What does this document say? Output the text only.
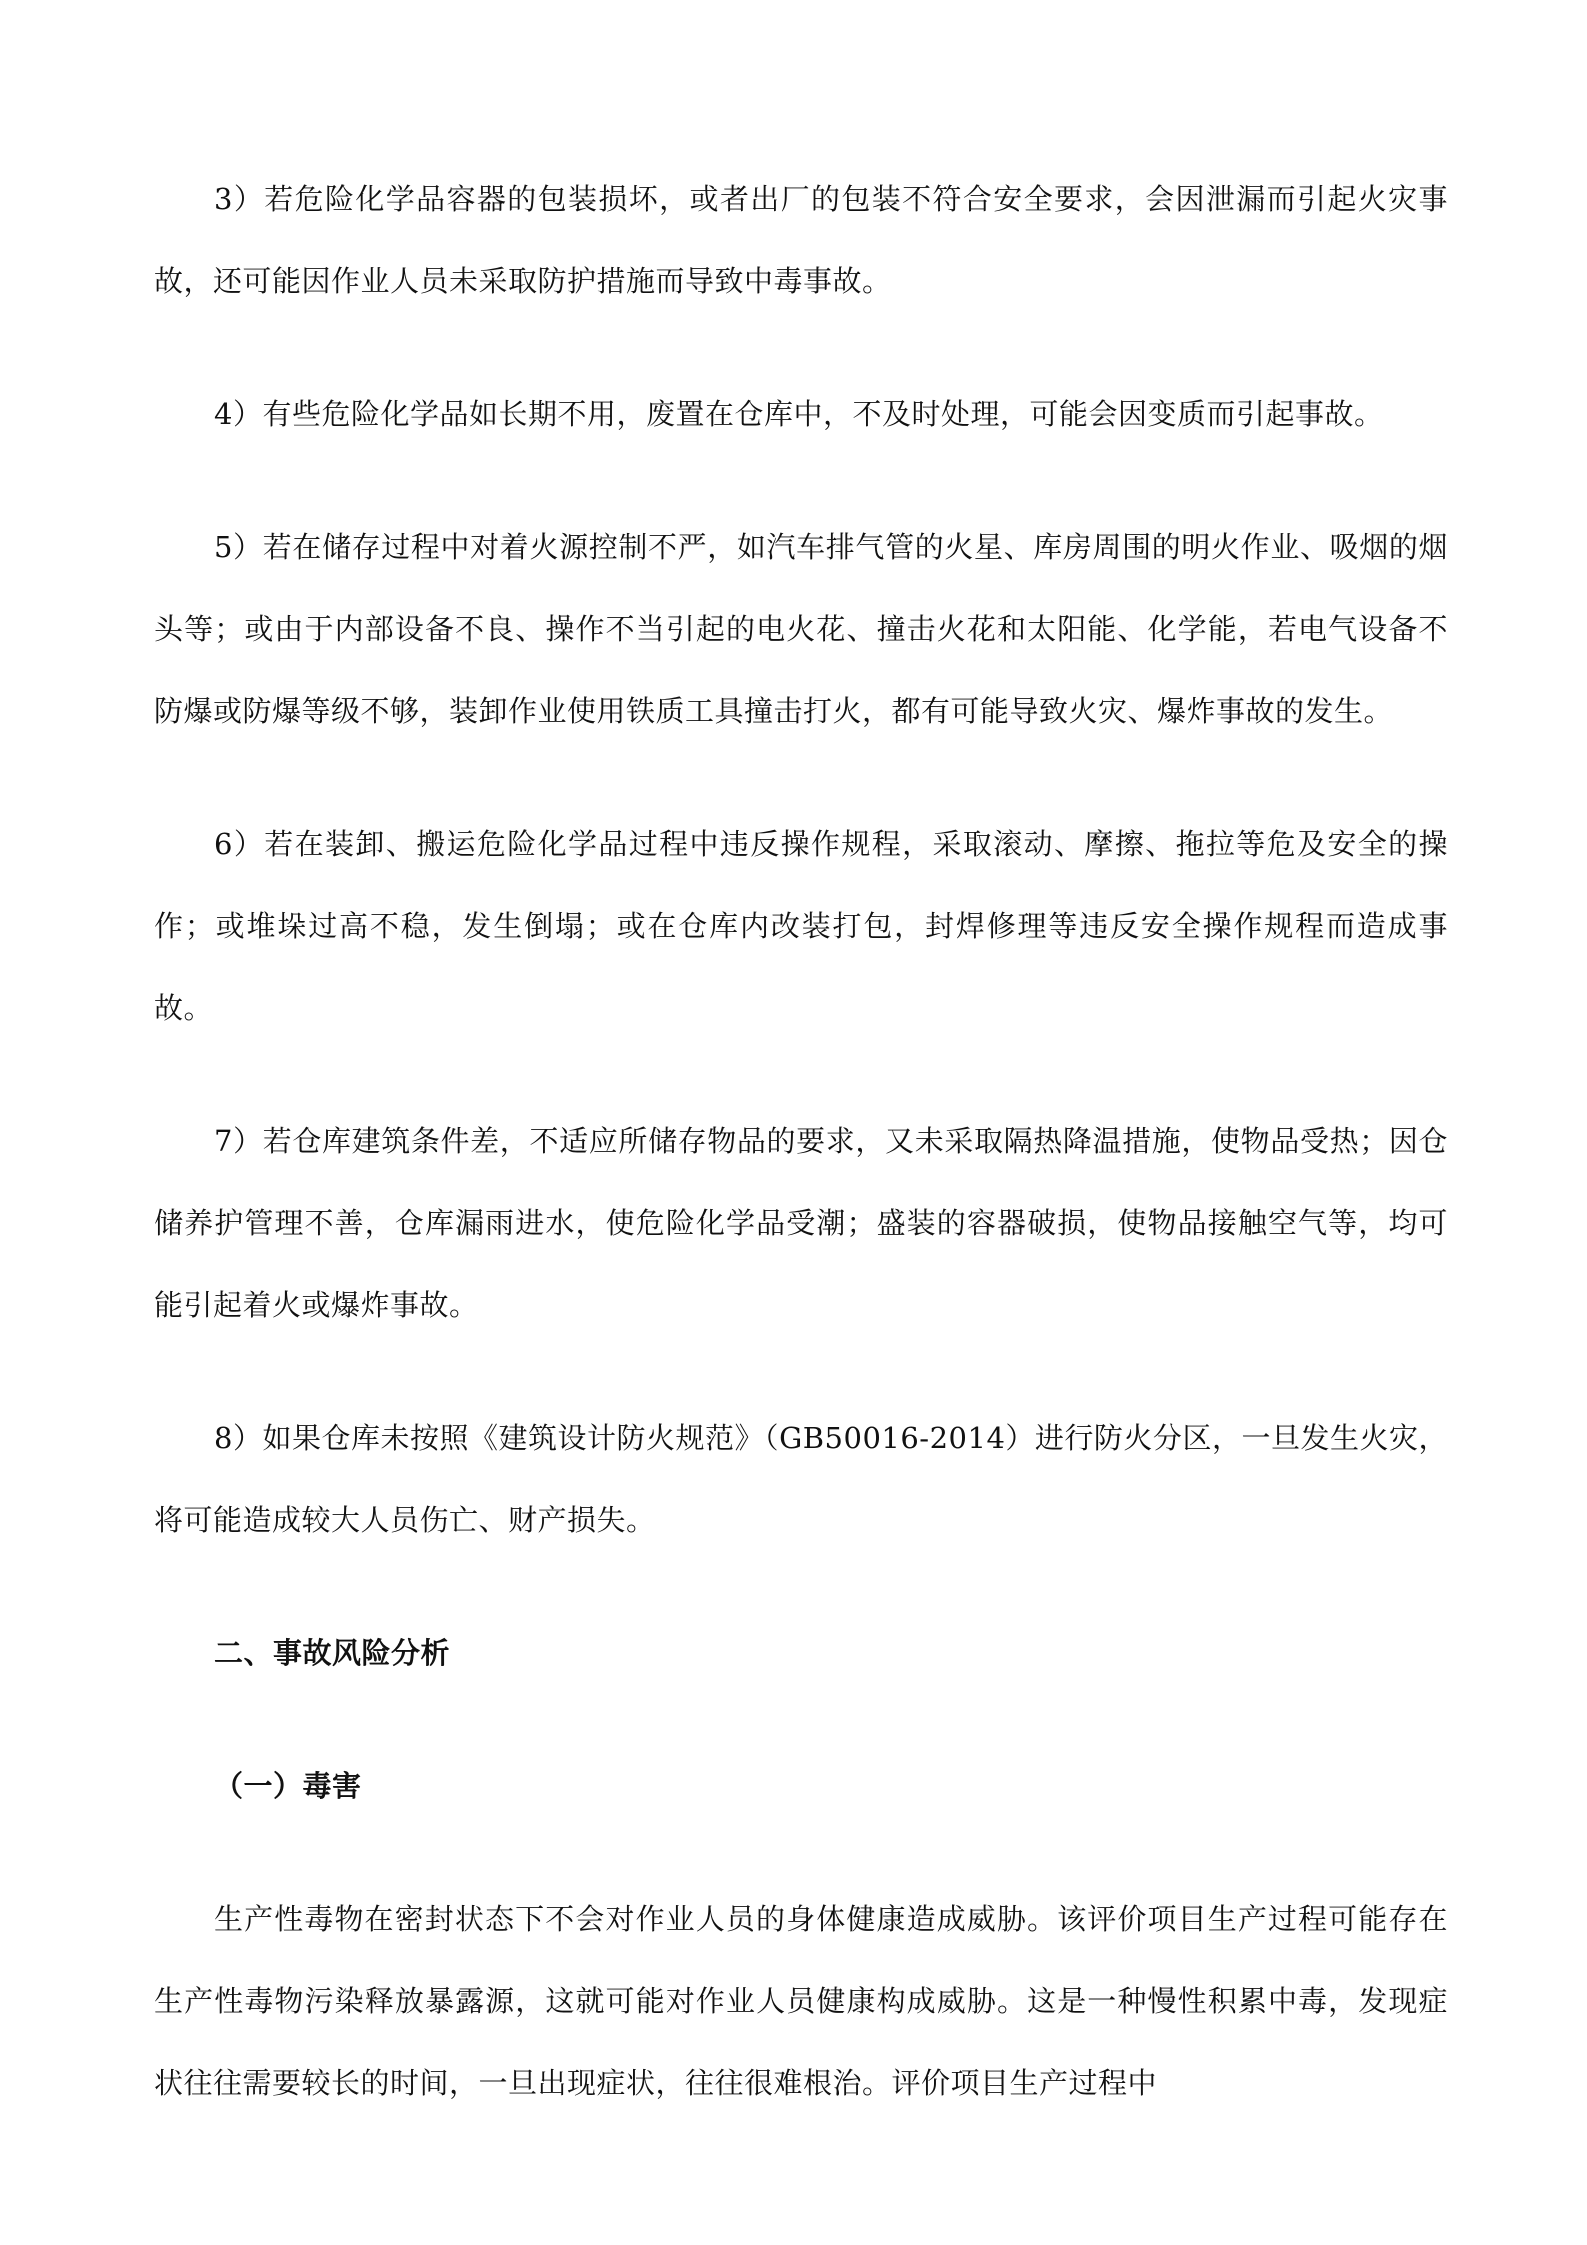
3）若危险化学品容器的包装损坏，或者出厂的包装不符合安全要求，会因泄漏而引起火灾事故，还可能因作业人员未采取防护措施而导致中毒事故。

4）有些危险化学品如长期不用，废置在仓库中，不及时处理，可能会因变质而引起事故。

5）若在储存过程中对着火源控制不严，如汽车排气管的火星、库房周围的明火作业、吸烟的烟头等；或由于内部设备不良、操作不当引起的电火花、撞击火花和太阳能、化学能，若电气设备不防爆或防爆等级不够，装卸作业使用铁质工具撞击打火，都有可能导致火灾、爆炸事故的发生。

6）若在装卸、搬运危险化学品过程中违反操作规程，采取滚动、摩擦、拖拉等危及安全的操作；或堆垛过高不稳，发生倒塌；或在仓库内改装打包，封焊修理等违反安全操作规程而造成事故。

7）若仓库建筑条件差，不适应所储存物品的要求，又未采取隔热降温措施，使物品受热；因仓储养护管理不善，仓库漏雨进水，使危险化学品受潮；盛装的容器破损，使物品接触空气等，均可能引起着火或爆炸事故。

8）如果仓库未按照《建筑设计防火规范》（GB50016-2014）进行防火分区，一旦发生火灾，将可能造成较大人员伤亡、财产损失。

二、事故风险分析

（一）毒害

生产性毒物在密封状态下不会对作业人员的身体健康造成威胁。该评价项目生产过程可能存在生产性毒物污染释放暴露源，这就可能对作业人员健康构成威胁。这是一种慢性积累中毒，发现症状往往需要较长的时间，一旦出现症状，往往很难根治。评价项目生产过程中
